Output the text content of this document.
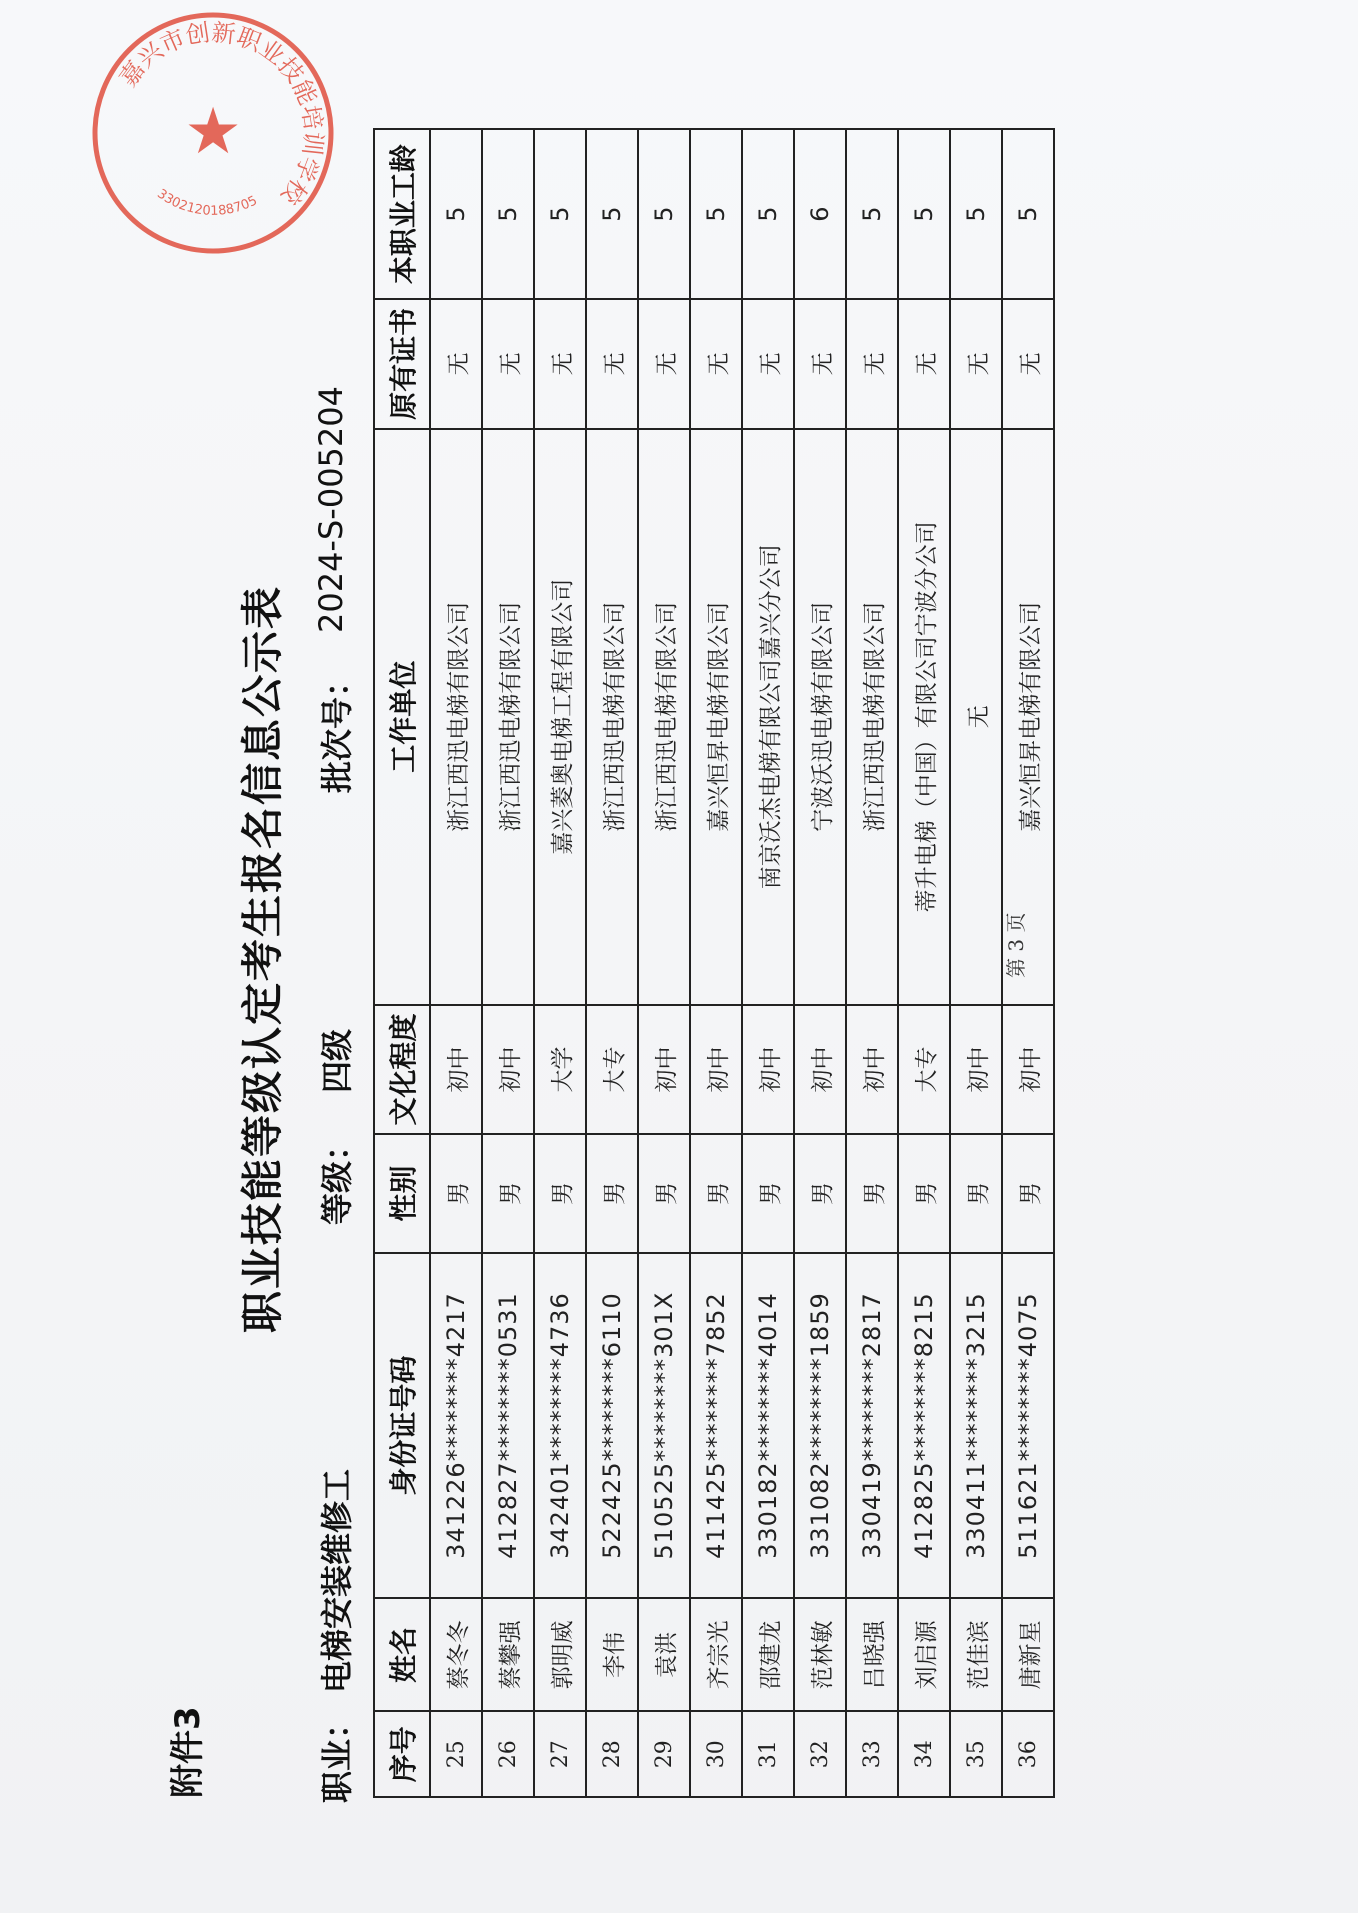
附件3
职业技能等级认定考生报名信息公示表
职业：
电梯安装维修工
等级：
四级
批次号：
2024-S-005204
序号	姓名	身份证号码	性别	文化程度	工作单位	原有证书	本职业工龄
25	蔡冬冬	341226********4217	男	初中	浙江西迅电梯有限公司	无	5
26	蔡攀强	412827********0531	男	初中	浙江西迅电梯有限公司	无	5
27	郭明威	342401********4736	男	大学	嘉兴菱奥电梯工程有限公司	无	5
28	李伟	522425********6110	男	大专	浙江西迅电梯有限公司	无	5
29	袁洪	510525********301X	男	初中	浙江西迅电梯有限公司	无	5
30	齐宗光	411425********7852	男	初中	嘉兴恒昇电梯有限公司	无	5
31	邵建龙	330182********4014	男	初中	南京沃杰电梯有限公司嘉兴分公司	无	5
32	范林敏	331082********1859	男	初中	宁波沃迅电梯有限公司	无	6
33	吕晓强	330419********2817	男	初中	浙江西迅电梯有限公司	无	5
34	刘启源	412825********8215	男	大专	蒂升电梯（中国）有限公司宁波分公司	无	5
35	范佳滨	330411********3215	男	初中	无	无	5
36	唐新星	511621********4075	男	初中	嘉兴恒昇电梯有限公司	无	5
第 3 页
嘉兴市创新职业技能培训学校
3302120188705
★
